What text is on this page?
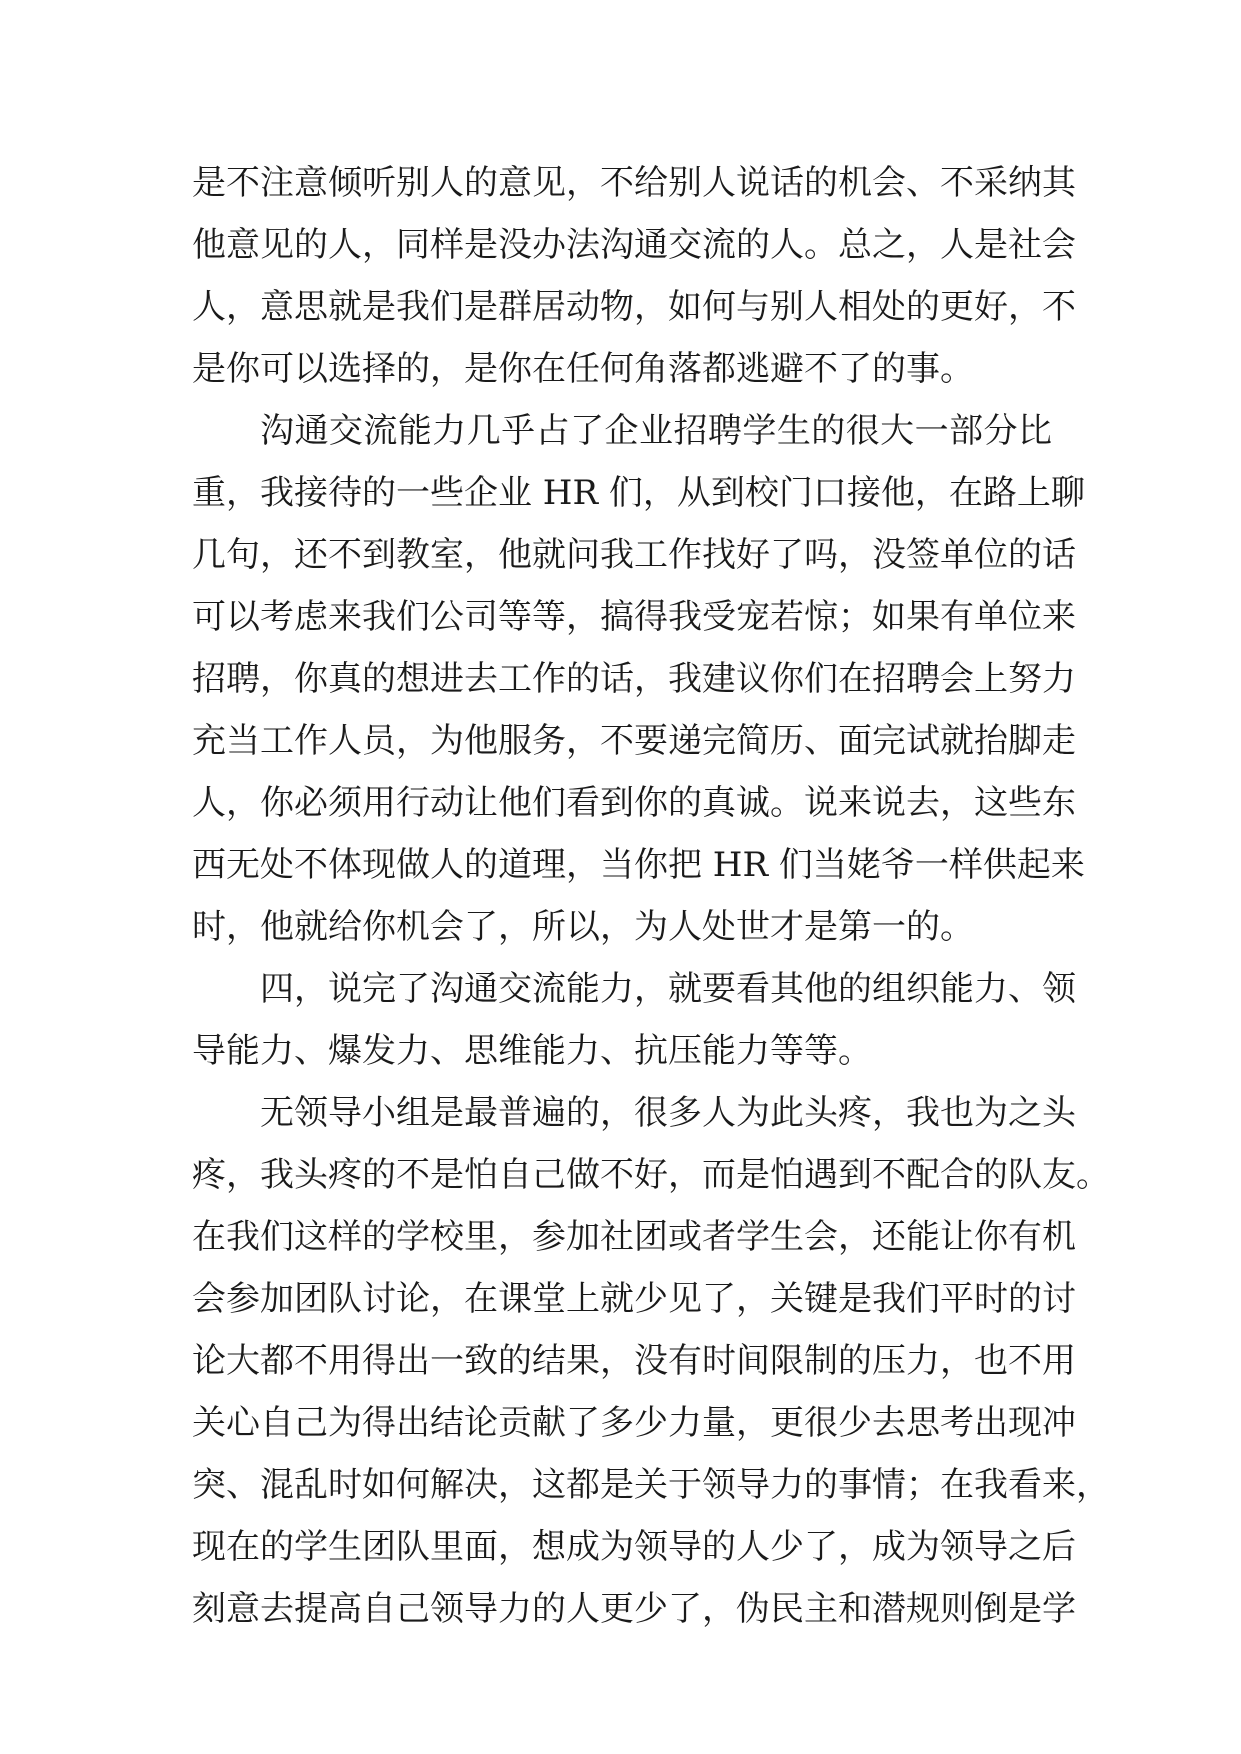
是不注意倾听别人的意见，不给别人说话的机会、不采纳其
他意见的人，同样是没办法沟通交流的人。总之，人是社会
人，意思就是我们是群居动物，如何与别人相处的更好，不
是你可以选择的，是你在任何角落都逃避不了的事。
沟通交流能力几乎占了企业招聘学生的很大一部分比
重，我接待的一些企业 HR 们，从到校门口接他，在路上聊
几句，还不到教室，他就问我工作找好了吗，没签单位的话
可以考虑来我们公司等等，搞得我受宠若惊；如果有单位来
招聘，你真的想进去工作的话，我建议你们在招聘会上努力
充当工作人员，为他服务，不要递完简历、面完试就抬脚走
人，你必须用行动让他们看到你的真诚。说来说去，这些东
西无处不体现做人的道理，当你把 HR 们当姥爷一样供起来
时，他就给你机会了，所以，为人处世才是第一的。
四，说完了沟通交流能力，就要看其他的组织能力、领
导能力、爆发力、思维能力、抗压能力等等。
无领导小组是最普遍的，很多人为此头疼，我也为之头
疼，我头疼的不是怕自己做不好，而是怕遇到不配合的队友。
在我们这样的学校里，参加社团或者学生会，还能让你有机
会参加团队讨论，在课堂上就少见了，关键是我们平时的讨
论大都不用得出一致的结果，没有时间限制的压力，也不用
关心自己为得出结论贡献了多少力量，更很少去思考出现冲
突、混乱时如何解决，这都是关于领导力的事情；在我看来，
现在的学生团队里面，想成为领导的人少了，成为领导之后
刻意去提高自己领导力的人更少了，伪民主和潜规则倒是学
